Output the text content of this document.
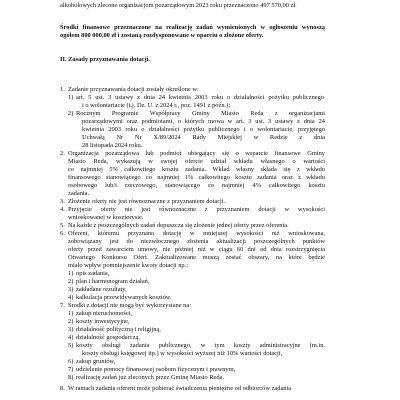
1. Zadanie przyznawania dotacji zostały określone w:
1) art. 5 ust. 3 ustawy z dnia 24 kwietnia 2003 roku o działalności pożytku publicznego
i o wolontariacie (t.j. Dz. U. z 2024 r., poz. 1491 z późn.);
2) Rocznym Programie Współpracy Gminy Miasto Reda z organizacjami
pozarządowymi oraz podmiotami, o których mowa w art. 3 ust. 3 ustawy z dnia 24
kwietnia 2003 roku o działalności pożytku publicznego i o wolontariacie, przyjętego
Uchwałą Nr Nr X/89/2024 Rady Miejskiej w Redzie z dnia
28 listopada 2024 roku.
2. Organizacja pozarządowa lub podmiot ubiegający się o wsparcie finansowe Gminy
Miasto Reda, wykazują w swojej ofercie udział wkładu własnego o wartości
co najmniej 5% całkowitego kosztu zadania. Wkład własny składa się z wkładu
finansowego stanowiącego co najmniej 1% całkowitego kosztu zadania oraz z wkładu
osobowego lub/i rzeczowego, stanowiącego co najmniej 4% całkowitego kosztu
zadania.
3. Złożenie oferty nie jest równoznaczne z przyznaniem dotacji.
4. Przyjęcie oferty nie jest równoznaczne z przyznaniem dotacji w wysokości
wnioskowanej w kosztorysie.
5. Na każde z poszczególnych zadań dopuszcza się złożenie jednej oferty przez oferenta.
6. Oferent, któremu przyznano dotację w mniejszej wysokości niż wnioskowana,
zobowiązany jest do niezwłocznego złożenia aktualizacji poszczególnych punktów
oferty przed zawarciem umowy, nie później niż w ciągu 60 dni od dnia rozstrzygnięcia
Otwartego Konkursu Ofert. Zaktualizowane muszą zostać obszary, na które będzie
miało wpływ pomniejszenie kwoty dotacji np.:
1) opis zadania,
2) plan i harmonogram działań,
3) zakładane rezultaty,
4) kalkulacja przewidywanych kosztów.
7. Środki z dotacji nie mogą być wykorzystane na:
1) zakup nieruchomości,
2) koszty inwestycyjne,
3) działalność polityczną i religijną,
4) działalność gospodarczą,
5) koszty obsługi zadania publicznego, w tym koszty administracyjne (m.in.
koszty obsługi księgowej itp.) w wysokości wyższej niż 10% wartości dotacji,
6) zakup gruntów,
7) udzielenie pomocy finansowej osobom fizycznym i prawnym,
8) realizację zadań już zleconych przez Gminę Miasto Reda.
8. W ramach zadania oferent może pobierać świadczenia pieniężne od odbiorców zadania
alkoholowych zlecone organizacjom pozarządowym 2023 roku przeznaczono 497 570,00 zł.
Środki finansowe przeznaczone na realizację zadań wymienionych w ogłoszeniu wynoszą
ogółem 800 000,00 zł i zostaną rozdysponowane w oparciu o złożone oferty.
II. Zasady przyznawania dotacji.
